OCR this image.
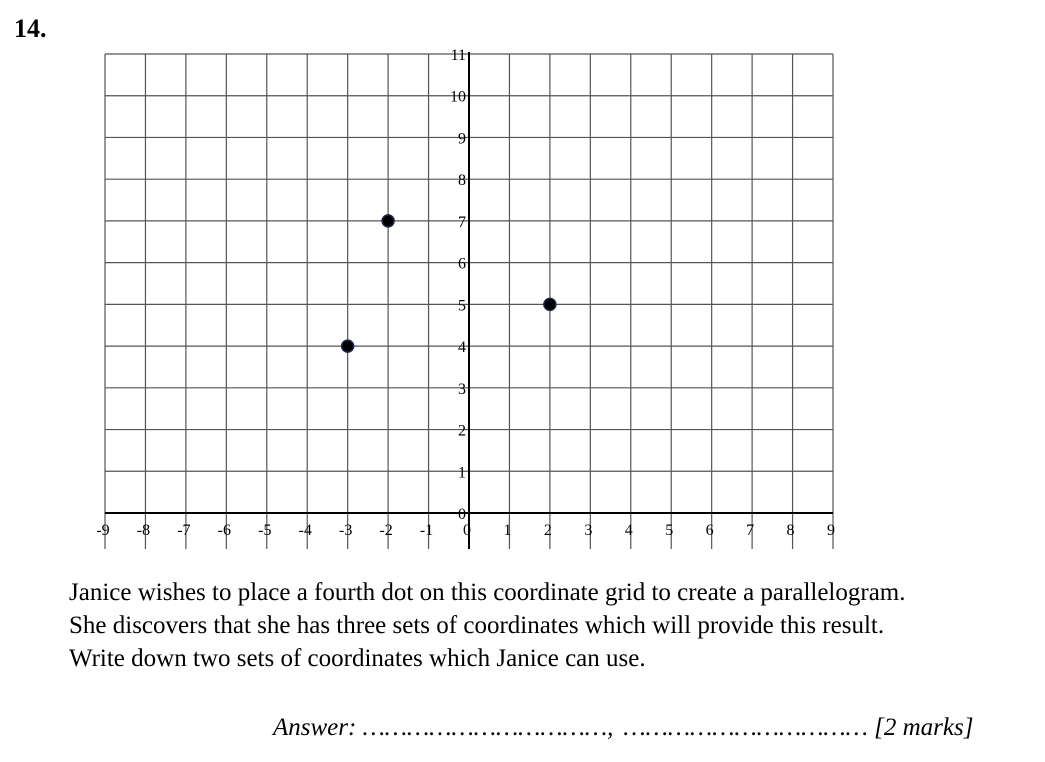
14.
-9 -8 -7 -6 -5 -4 -3 -2 -1 0 1 2 3 4 5 6 7 8 9
0
1
2
3
4
5
6
7
8
9
10
11
Janice wishes to place a fourth dot on this coordinate grid to create a parallelogram.
She discovers that she has three sets of coordinates which will provide this result.
Write down two sets of coordinates which Janice can use.
Answer: ……………………………, …………………………… [2 marks]
